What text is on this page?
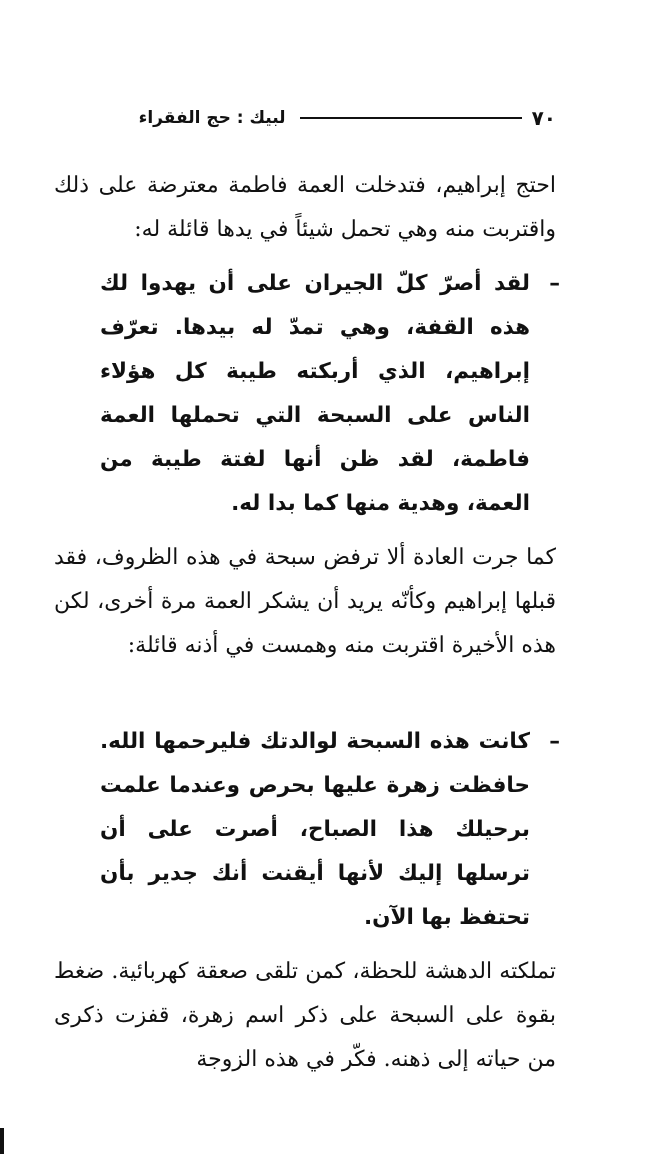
٧٠
لبيك : حج الفقراء

احتج إبراهيم، فتدخلت العمة فاطمة معترضة على ذلك واقتربت منه وهي تحمل شيئاً في يدها قائلة له:

–
لقد أصرّ كلّ الجيران على أن يهدوا لك هذه القفة، وهي تمدّ له بيدها. تعرّف إبراهيم، الذي أربكته طيبة كل هؤلاء الناس على السبحة التي تحملها العمة فاطمة، لقد ظن أنها لفتة طيبة من العمة، وهدية منها كما بدا له.

كما جرت العادة ألا ترفض سبحة في هذه الظروف، فقد قبلها إبراهيم وكأنّه يريد أن يشكر العمة مرة أخرى، لكن هذه الأخيرة اقتربت منه وهمست في أذنه قائلة:

–
كانت هذه السبحة لوالدتك فليرحمها الله. حافظت زهرة عليها بحرص وعندما علمت برحيلك هذا الصباح، أصرت على أن ترسلها إليك لأنها أيقنت أنك جدير بأن تحتفظ بها الآن.

تملكته الدهشة للحظة، كمن تلقى صعقة كهربائية. ضغط بقوة على السبحة على ذكر اسم زهرة، قفزت ذكرى من حياته إلى ذهنه. فكّر في هذه الزوجة
